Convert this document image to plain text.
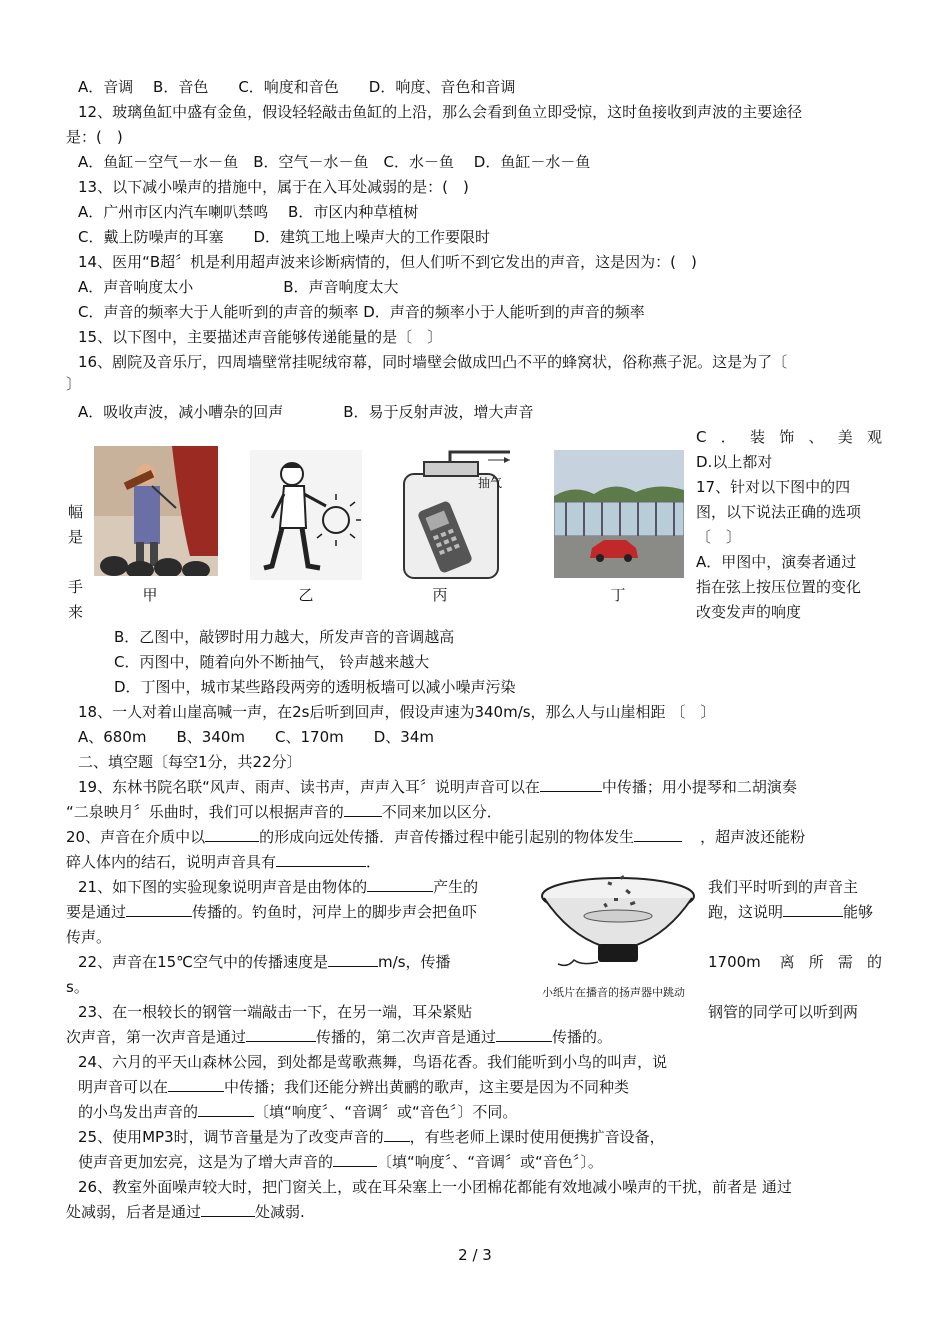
A．音调　 B．音色　　C．响度和音色　　D．响度、音色和音调
12、玻璃鱼缸中盛有金鱼，假设轻轻敲击鱼缸的上沿，那么会看到鱼立即受惊，这时鱼接收到声波的主要途径
是：(　)
A．鱼缸－空气－水－鱼　B．空气－水－鱼　C．水－鱼　 D．鱼缸－水－鱼
13、以下减小噪声的措施中，属于在入耳处减弱的是：(　)
A．广州市区内汽车喇叭禁鸣　 B．市区内种草植树
C．戴上防噪声的耳塞　　D．建筑工地上噪声大的工作要限时
14、医用“B超〞机是利用超声波来诊断病情的，但人们听不到它发出的声音，这是因为：(　)
A．声音响度太小　　　　　　B．声音响度太大
C．声音的频率大于人能听到的声音的频率 D．声音的频率小于人能听到的声音的频率
15、以下图中，主要描述声音能够传递能量的是〔　〕
16、剧院及音乐厅，四周墙壁常挂呢绒帘幕，同时墙壁会做成凹凸不平的蜂窝状，俗称燕子泥。这是为了〔
〕
A．吸收声波，减小嘈杂的回声　　　　B．易于反射声波，增大声音
C．装饰、美观
D.以上都对
17、针对以下图中的四
图，以下说法正确的选项
〔　〕
A．甲图中，演奏者通过
指在弦上按压位置的变化
改变发声的响度
幅
是
手
来
甲	乙
抽气
丙	丁
B．乙图中，敲锣时用力越大，所发声音的音调越高
C．丙图中，随着向外不断抽气， 铃声越来越大
D．丁图中，城市某些路段两旁的透明板墙可以减小噪声污染
18、一人对着山崖高喊一声，在2s后听到回声，假设声速为340m/s，那么人与山崖相距 〔　〕
A、680m　　B、340m　　C、170m　　D、34m
二、填空题〔每空1分，共22分〕
19、东林书院名联“风声、雨声、读书声，声声入耳〞说明声音可以在	中传播；用小提琴和二胡演奏
“二泉映月〞乐曲时，我们可以根据声音的	不同来加以区分．
20、声音在介质中以	的形成向远处传播．声音传播过程中能引起别的物体发生	，超声波还能粉
碎人体内的结石，说明声音具有	．
21、如下图的实验现象说明声音是由物体的	产生的	我们平时听到的声音主
要是通过	传播的。钓鱼时，河岸上的脚步声会把鱼吓	跑，这说明	能够
传声。
小纸片在播音的扬声器中跳动
22、声音在15℃空气中的传播速度是	m/s，传播	1700m 离所需的
s。
23、在一根较长的钢管一端敲击一下，在另一端，耳朵紧贴	钢管的同学可以听到两
次声音，第一次声音是通过	传播的，第二次声音是通过	传播的。
24、六月的平天山森林公园，到处都是莺歌燕舞，鸟语花香。我们能听到小鸟的叫声，说
明声音可以在	中传播；我们还能分辨出黄鹂的歌声，这主要是因为不同种类
的小鸟发出声音的	〔填“响度〞、“音调〞或“音色〞〕不同。
25、使用MP3时，调节音量是为了改变声音的 ，有些老师上课时使用便携扩音设备，
使声音更加宏亮，这是为了增大声音的	〔填“响度〞、“音调〞或“音色〞〕。
26、教室外面噪声较大时，把门窗关上，或在耳朵塞上一小团棉花都能有效地减小噪声的干扰，前者是 通过
处减弱，后者是通过	处减弱.
2 / 3
